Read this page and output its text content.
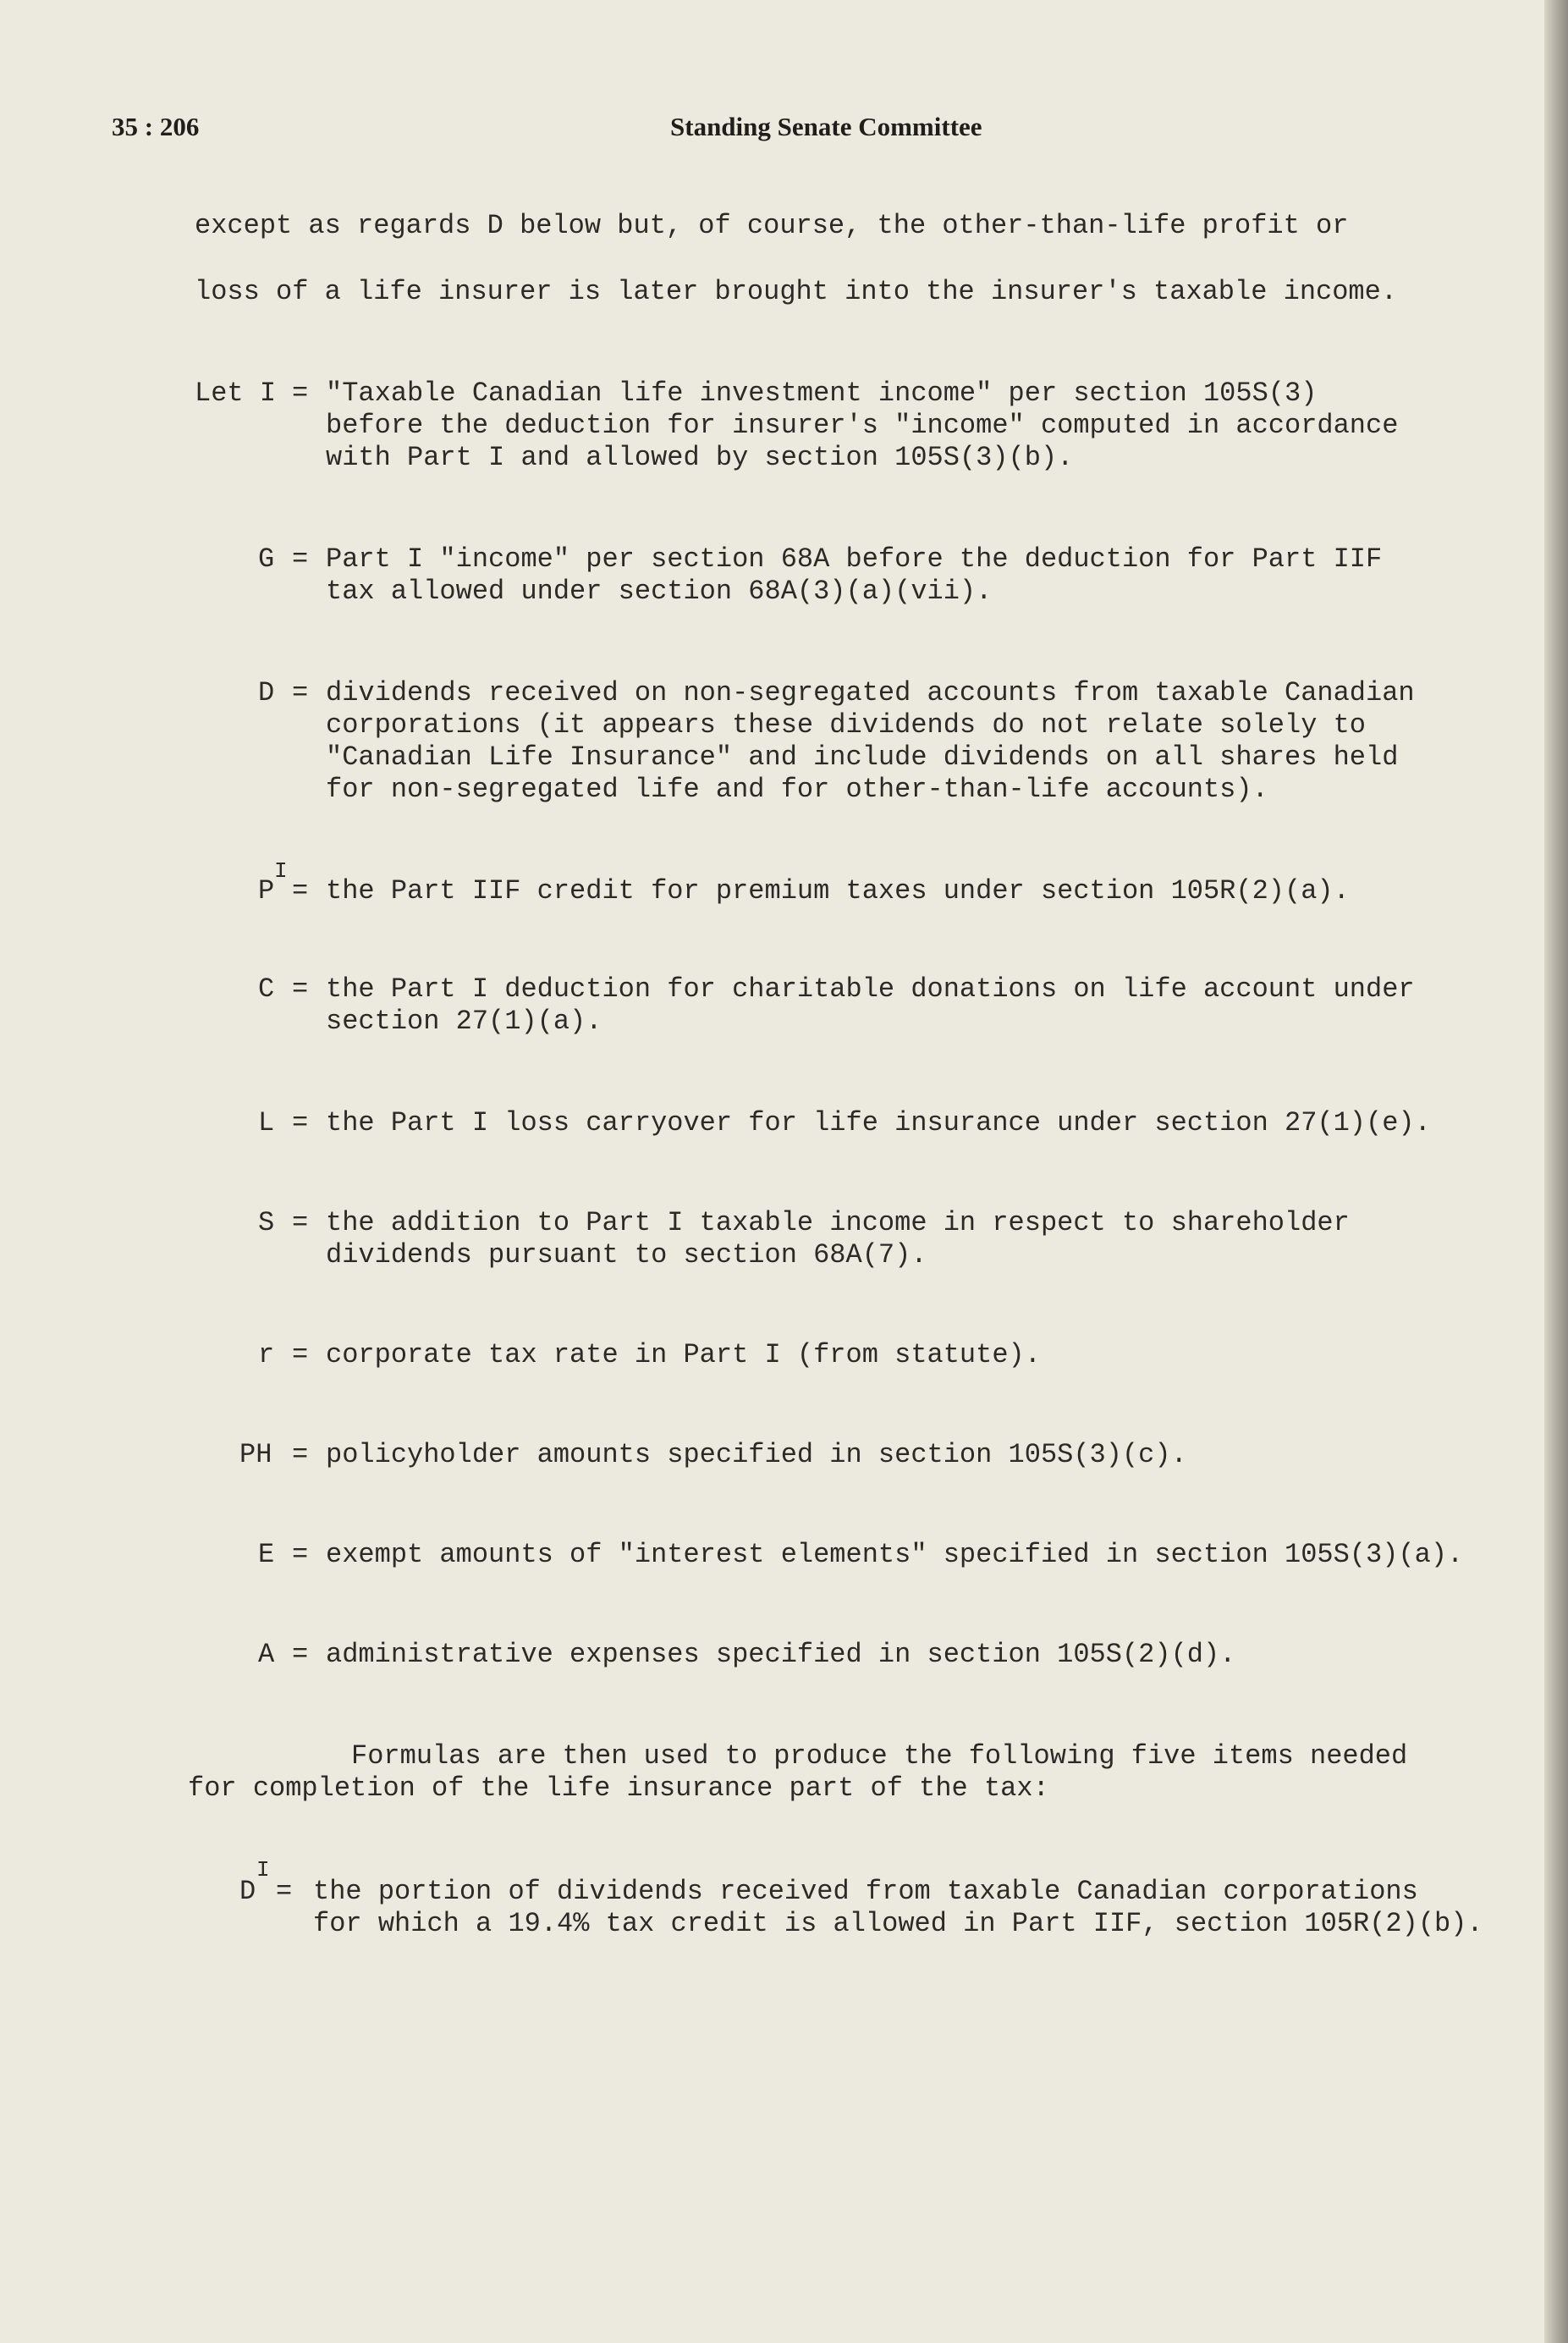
35 : 206	Standing Senate Committee
except as regards D below but, of course, the other-than-life profit or
loss of a life insurer is later brought into the insurer's taxable income.
Let I = "Taxable Canadian life investment income" per section 105S(3)
before the deduction for insurer's "income" computed in accordance
with Part I and allowed by section 105S(3)(b).
G = Part I "income" per section 68A before the deduction for Part IIF
tax allowed under section 68A(3)(a)(vii).
D = dividends received on non-segregated accounts from taxable Canadian
corporations (it appears these dividends do not relate solely to
"Canadian Life Insurance" and include dividends on all shares held
for non-segregated life and for other-than-life accounts).
P
I
= the Part IIF credit for premium taxes under section 105R(2)(a).
C = the Part I deduction for charitable donations on life account under
section 27(1)(a).
L = the Part I loss carryover for life insurance under section 27(1)(e).
S = the addition to Part I taxable income in respect to shareholder
dividends pursuant to section 68A(7).
r = corporate tax rate in Part I (from statute).
PH = policyholder amounts specified in section 105S(3)(c).
E = exempt amounts of "interest elements" specified in section 105S(3)(a).
A = administrative expenses specified in section 105S(2)(d).
Formulas are then used to produce the following five items needed
for completion of the life insurance part of the tax:
D
I
= the portion of dividends received from taxable Canadian corporations
for which a 19.4% tax credit is allowed in Part IIF, section 105R(2)(b).
